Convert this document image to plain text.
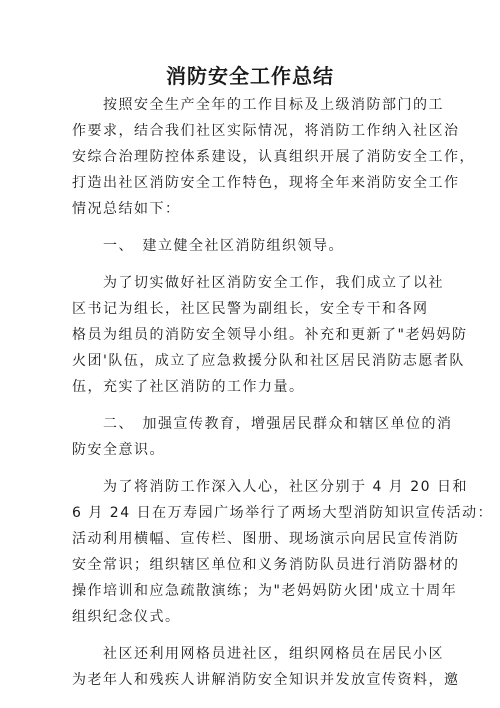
消防安全工作总结
　　按照安全生产全年的工作目标及上级消防部门的工
作要求，结合我们社区实际情况，将消防工作纳入社区治
安综合治理防控体系建设，认真组织开展了消防安全工作，
打造出社区消防安全工作特色，现将全年来消防安全工作
情况总结如下：
　　一、　建立健全社区消防组织领导。
　　为了切实做好社区消防安全工作，我们成立了以社
区书记为组长，社区民警为副组长，安全专干和各网
格员为组员的消防安全领导小组。补充和更新了"老妈妈防
火团'队伍，成立了应急救援分队和社区居民消防志愿者队
伍，充实了社区消防的工作力量。
　　二、　加强宣传教育，增强居民群众和辖区单位的消
防安全意识。
　　为了将消防工作深入人心，社区分别于 4 月 20 日和
6 月 24 日在万寿园广场举行了两场大型消防知识宣传活动：
活动利用横幅、宣传栏、图册、现场演示向居民宣传消防
安全常识；组织辖区单位和义务消防队员进行消防器材的
操作培训和应急疏散演练；为"老妈妈防火团'成立十周年
组织纪念仪式。
　　社区还利用网格员进社区，组织网格员在居民小区
为老年人和残疾人讲解消防安全知识并发放宣传资料，邀
